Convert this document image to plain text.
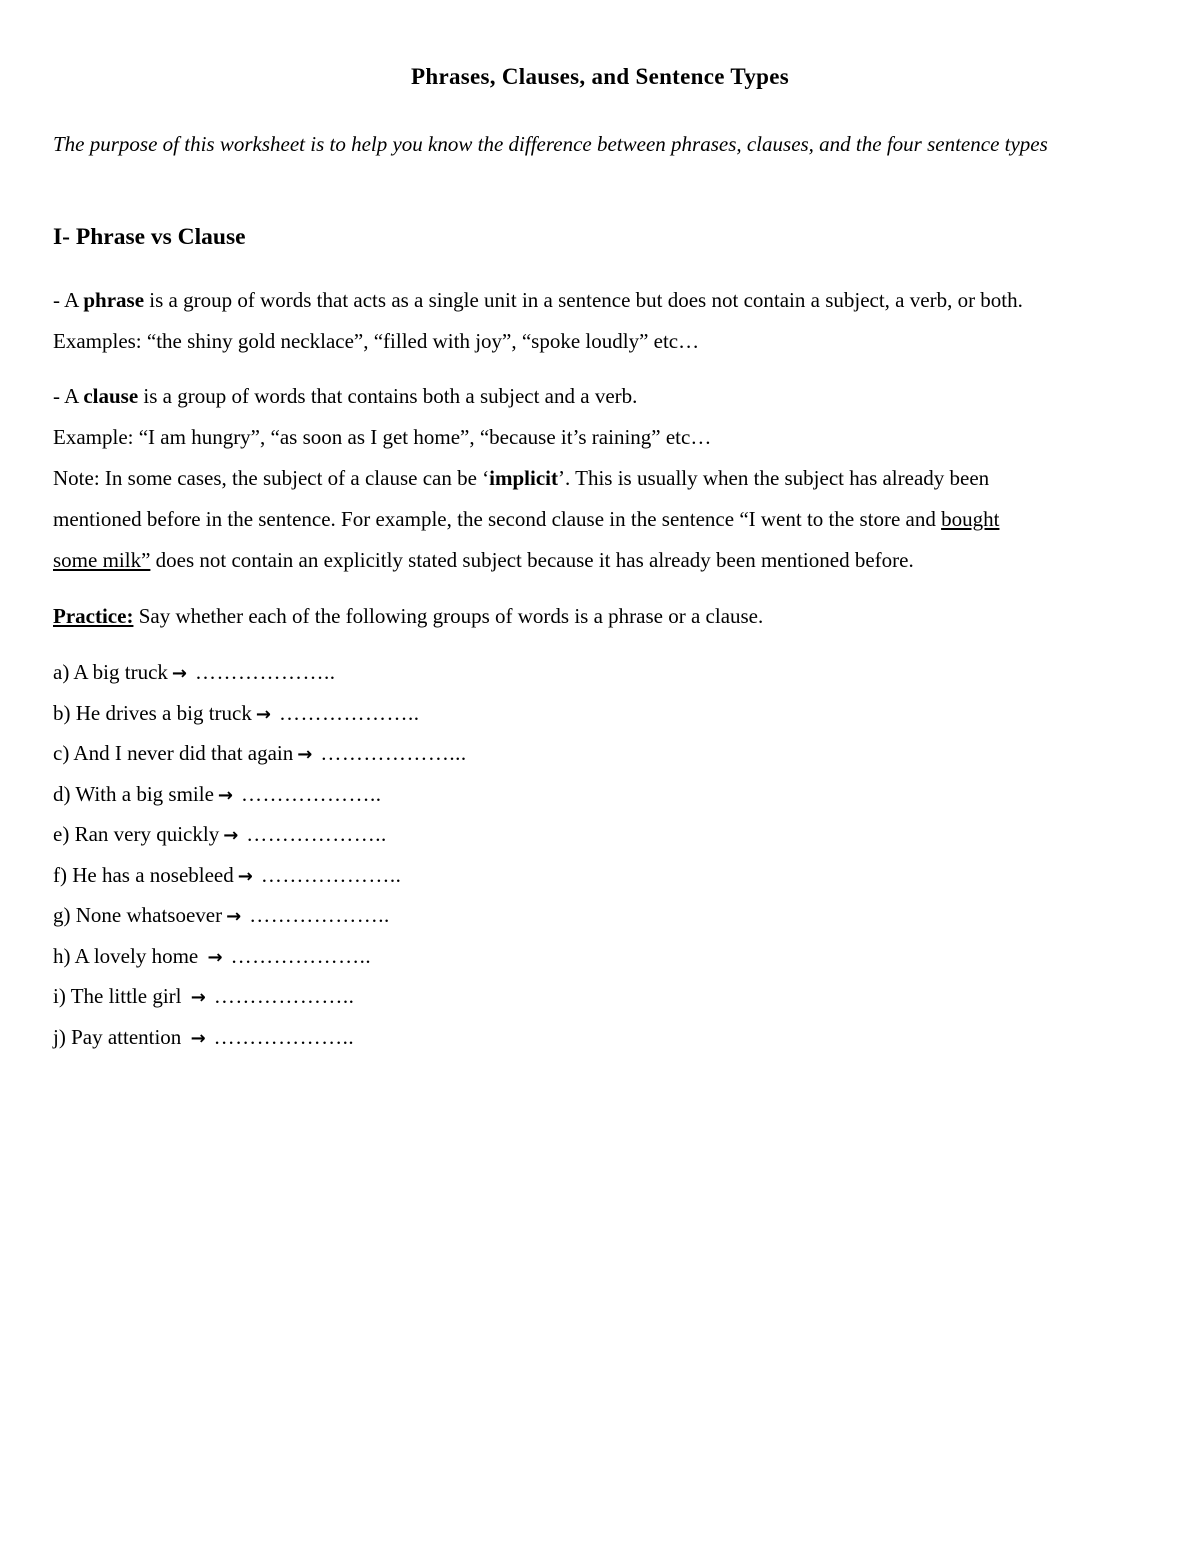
Phrases, Clauses, and Sentence Types
The purpose of this worksheet is to help you know the difference between phrases, clauses, and the four sentence types
I- Phrase vs Clause
- A phrase is a group of words that acts as a single unit in a sentence but does not contain a subject, a verb, or both.
Examples: “the shiny gold necklace”, “filled with joy”, “spoke loudly” etc…
- A clause is a group of words that contains both a subject and a verb.
Example: “I am hungry”, “as soon as I get home”, “because it’s raining” etc…
Note: In some cases, the subject of a clause can be ‘implicit’. This is usually when the subject has already been
mentioned before in the sentence. For example, the second clause in the sentence “I went to the store and bought
some milk” does not contain an explicitly stated subject because it has already been mentioned before.
Practice: Say whether each of the following groups of words is a phrase or a clause.
a) A big truck → ………………..
b) He drives a big truck → ………………..
c) And I never did that again → ………………...
d) With a big smile → ………………..
e) Ran very quickly → ………………..
f) He has a nosebleed → ………………..
g) None whatsoever → ………………..
h) A lovely home → ………………..
i) The little girl → ………………..
j) Pay attention → ………………..
